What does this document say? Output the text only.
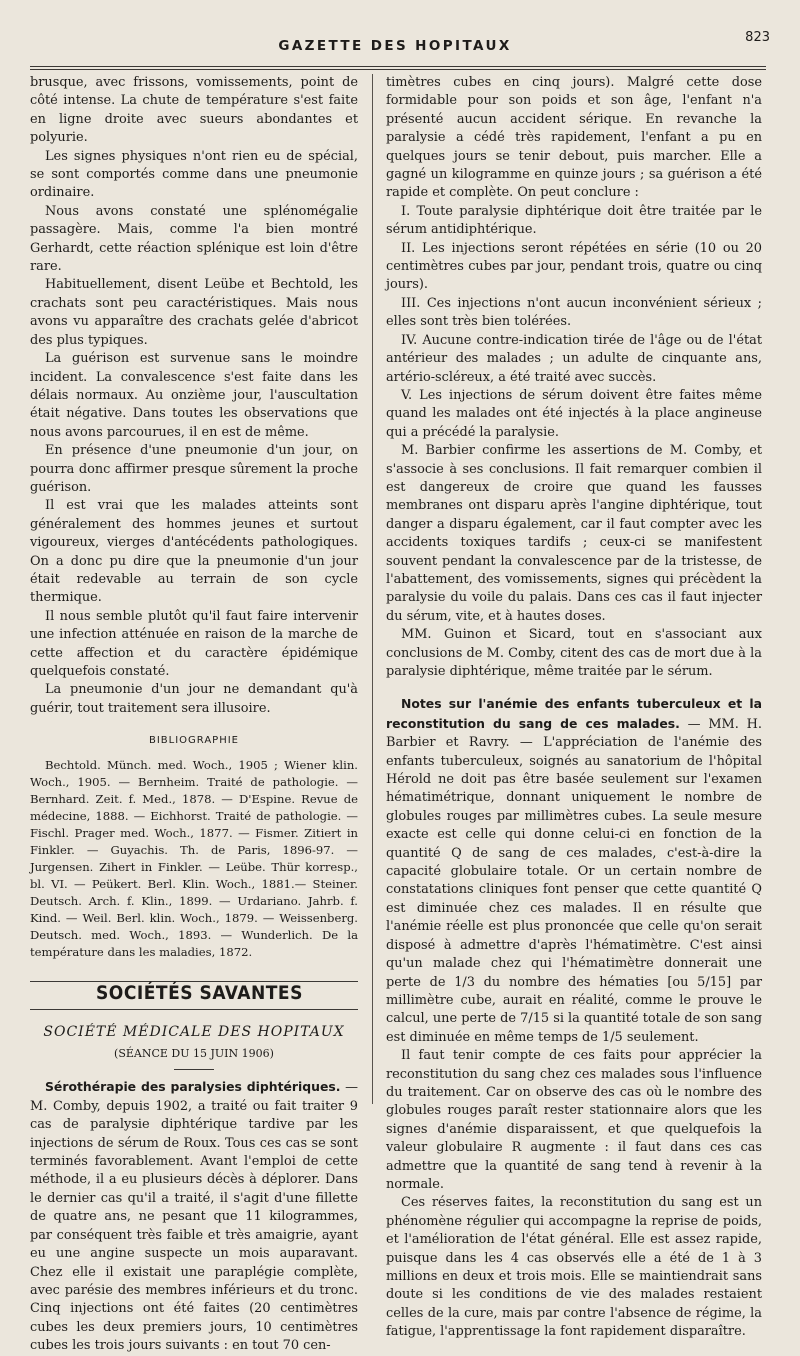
GAZETTE DES HOPITAUX
823

brusque, avec frissons, vomissements, point de côté intense. La chute de température s'est faite en ligne droite avec sueurs abondantes et polyurie.

Les signes physiques n'ont rien eu de spécial, se sont comportés comme dans une pneumonie ordinaire.

Nous avons constaté une splénomégalie passagère. Mais, comme l'a bien montré Gerhardt, cette réaction splénique est loin d'être rare.

Habituellement, disent Leübe et Bechtold, les crachats sont peu caractéristiques. Mais nous avons vu apparaître des crachats gelée d'abricot des plus typiques.

La guérison est survenue sans le moindre incident. La convalescence s'est faite dans les délais normaux. Au onzième jour, l'auscultation était négative. Dans toutes les observations que nous avons parcourues, il en est de même.

En présence d'une pneumonie d'un jour, on pourra donc affirmer presque sûrement la proche guérison.

Il est vrai que les malades atteints sont généralement des hommes jeunes et surtout vigoureux, vierges d'antécédents pathologiques. On a donc pu dire que la pneumonie d'un jour était redevable au terrain de son cycle thermique.

Il nous semble plutôt qu'il faut faire intervenir une infection atténuée en raison de la marche de cette affection et du caractère épidémique quelquefois constaté.

La pneumonie d'un jour ne demandant qu'à guérir, tout traitement sera illusoire.

BIBLIOGRAPHIE

Bechtold. Münch. med. Woch., 1905 ; Wiener klin. Woch., 1905. — Bernheim. Traité de pathologie. — Bernhard. Zeit. f. Med., 1878. — D'Espine. Revue de médecine, 1888. — Eichhorst. Traité de pathologie. — Fischl. Prager med. Woch., 1877. — Fismer. Zitiert in Finkler. — Guyachis. Th. de Paris, 1896-97. — Jurgensen. Zihert in Finkler. — Leübe. Thür korresp., bl. VI. — Peükert. Berl. Klin. Woch., 1881.— Steiner. Deutsch. Arch. f. Klin., 1899. — Urdariano. Jahrb. f. Kind. — Weil. Berl. klin. Woch., 1879. — Weissenberg. Deutsch. med. Woch., 1893. — Wunderlich. De la température dans les maladies, 1872.

SOCIÉTÉS SAVANTES
SOCIÉTÉ MÉDICALE DES HOPITAUX
(SÉANCE DU 15 JUIN 1906)

Sérothérapie des paralysies diphtériques. — M. Comby, depuis 1902, a traité ou fait traiter 9 cas de paralysie diphtérique tardive par les injections de sérum de Roux. Tous ces cas se sont terminés favorablement. Avant l'emploi de cette méthode, il a eu plusieurs décès à déplorer. Dans le dernier cas qu'il a traité, il s'agit d'une fillette de quatre ans, ne pesant que 11 kilogrammes, par conséquent très faible et très amaigrie, ayant eu une angine suspecte un mois auparavant. Chez elle il existait une paraplégie complète, avec parésie des membres inférieurs et du tronc. Cinq injections ont été faites (20 centimètres cubes les deux premiers jours, 10 centimètres cubes les trois jours suivants : en tout 70 cen-

timètres cubes en cinq jours). Malgré cette dose formidable pour son poids et son âge, l'enfant n'a présenté aucun accident sérique. En revanche la paralysie a cédé très rapidement, l'enfant a pu en quelques jours se tenir debout, puis marcher. Elle a gagné un kilogramme en quinze jours ; sa guérison a été rapide et complète. On peut conclure :

I. Toute paralysie diphtérique doit être traitée par le sérum antidiphtérique.

II. Les injections seront répétées en série (10 ou 20 centimètres cubes par jour, pendant trois, quatre ou cinq jours).

III. Ces injections n'ont aucun inconvénient sérieux ; elles sont très bien tolérées.

IV. Aucune contre-indication tirée de l'âge ou de l'état antérieur des malades ; un adulte de cinquante ans, artério-scléreux, a été traité avec succès.

V. Les injections de sérum doivent être faites même quand les malades ont été injectés à la place angineuse qui a précédé la paralysie.

M. Barbier confirme les assertions de M. Comby, et s'associe à ses conclusions. Il fait remarquer combien il est dangereux de croire que quand les fausses membranes ont disparu après l'angine diphtérique, tout danger a disparu également, car il faut compter avec les accidents toxiques tardifs ; ceux-ci se manifestent souvent pendant la convalescence par de la tristesse, de l'abattement, des vomissements, signes qui précèdent la paralysie du voile du palais. Dans ces cas il faut injecter du sérum, vite, et à hautes doses.

MM. Guinon et Sicard, tout en s'associant aux conclusions de M. Comby, citent des cas de mort due à la paralysie diphtérique, même traitée par le sérum.

Notes sur l'anémie des enfants tuberculeux et la reconstitution du sang de ces malades. — MM. H. Barbier et Ravry. — L'appréciation de l'anémie des enfants tuberculeux, soignés au sanatorium de l'hôpital Hérold ne doit pas être basée seulement sur l'examen hématimétrique, donnant uniquement le nombre de globules rouges par millimètres cubes. La seule mesure exacte est celle qui donne celui-ci en fonction de la quantité Q de sang de ces malades, c'est-à-dire la capacité globulaire totale. Or un certain nombre de constatations cliniques font penser que cette quantité Q est diminuée chez ces malades. Il en résulte que l'anémie réelle est plus prononcée que celle qu'on serait disposé à admettre d'après l'hématimètre. C'est ainsi qu'un malade chez qui l'hématimètre donnerait une perte de 1/3 du nombre des hématies [ou 5/15] par millimètre cube, aurait en réalité, comme le prouve le calcul, une perte de 7/15 si la quantité totale de son sang est diminuée en même temps de 1/5 seulement.

Il faut tenir compte de ces faits pour apprécier la reconstitution du sang chez ces malades sous l'influence du traitement. Car on observe des cas où le nombre des globules rouges paraît rester stationnaire alors que les signes d'anémie disparaissent, et que quelquefois la valeur globulaire R augmente : il faut dans ces cas admettre que la quantité de sang tend à revenir à la normale.

Ces réserves faites, la reconstitution du sang est un phénomène régulier qui accompagne la reprise de poids, et l'amélioration de l'état général. Elle est assez rapide, puisque dans les 4 cas observés elle a été de 1 à 3 millions en deux et trois mois. Elle se maintiendrait sans doute si les conditions de vie des malades restaient celles de la cure, mais par contre l'absence de régime, la fatigue, l'apprentissage la font rapidement disparaître.
